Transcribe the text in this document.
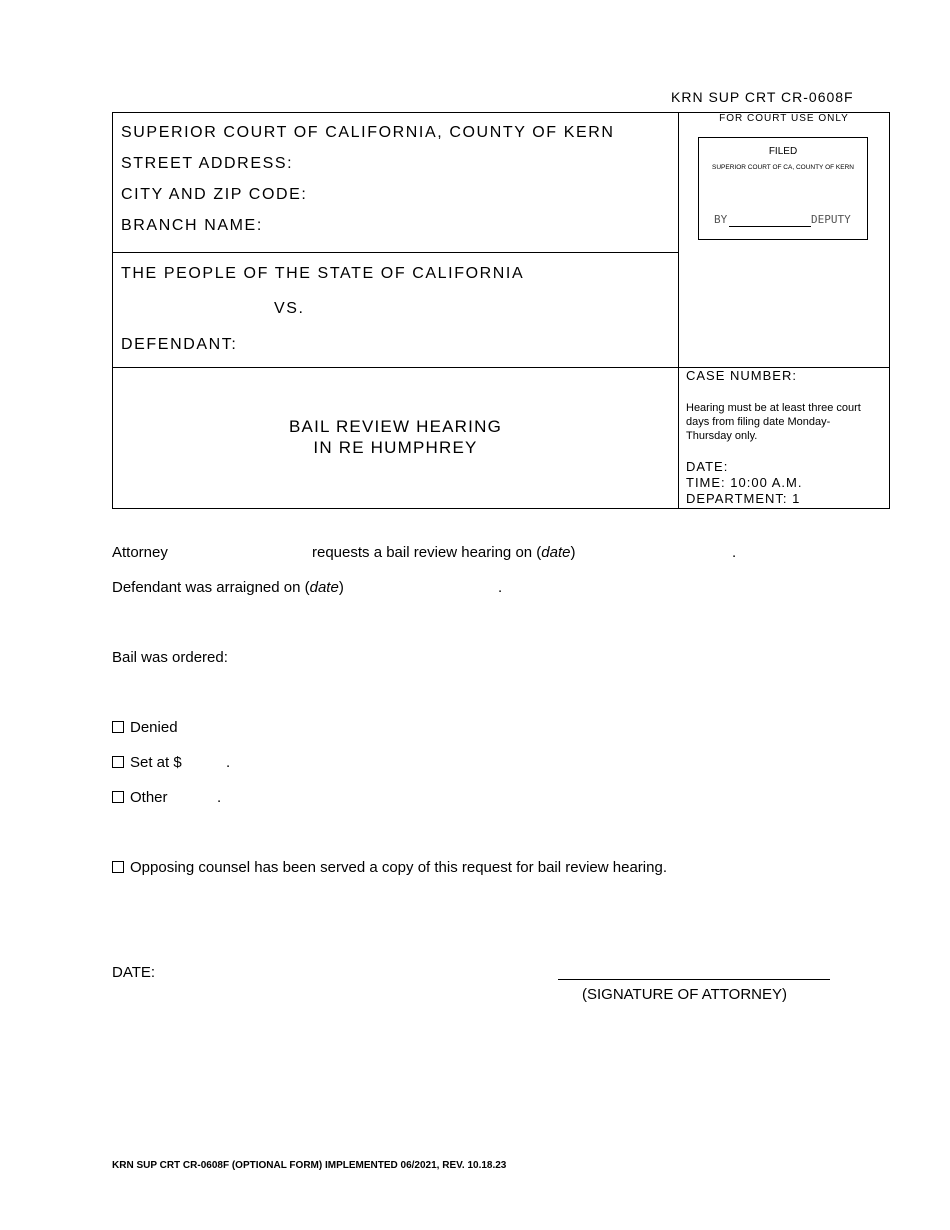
KRN SUP CRT CR-0608F
SUPERIOR COURT OF CALIFORNIA, COUNTY OF KERN
STREET ADDRESS:
CITY AND ZIP CODE:
BRANCH NAME:
THE PEOPLE OF THE STATE OF CALIFORNIA
VS.
DEFENDANT:
FOR COURT USE ONLY
FILED
SUPERIOR COURT OF CA, COUNTY OF KERN
BY	DEPUTY
BAIL REVIEW HEARING
IN RE HUMPHREY
CASE NUMBER:
Hearing must be at least three court days from filing date Monday-Thursday only.
DATE:
TIME: 10:00 A.M.
DEPARTMENT: 1
Attorney	requests a bail review hearing on (date)	.
Defendant was arraigned on (date)	.
Bail was ordered:
Denied
Set at $	.
Other	.
Opposing counsel has been served a copy of this request for bail review hearing.
DATE:
(SIGNATURE OF ATTORNEY)
KRN SUP CRT CR-0608F (OPTIONAL FORM) IMPLEMENTED 06/2021, REV. 10.18.23
